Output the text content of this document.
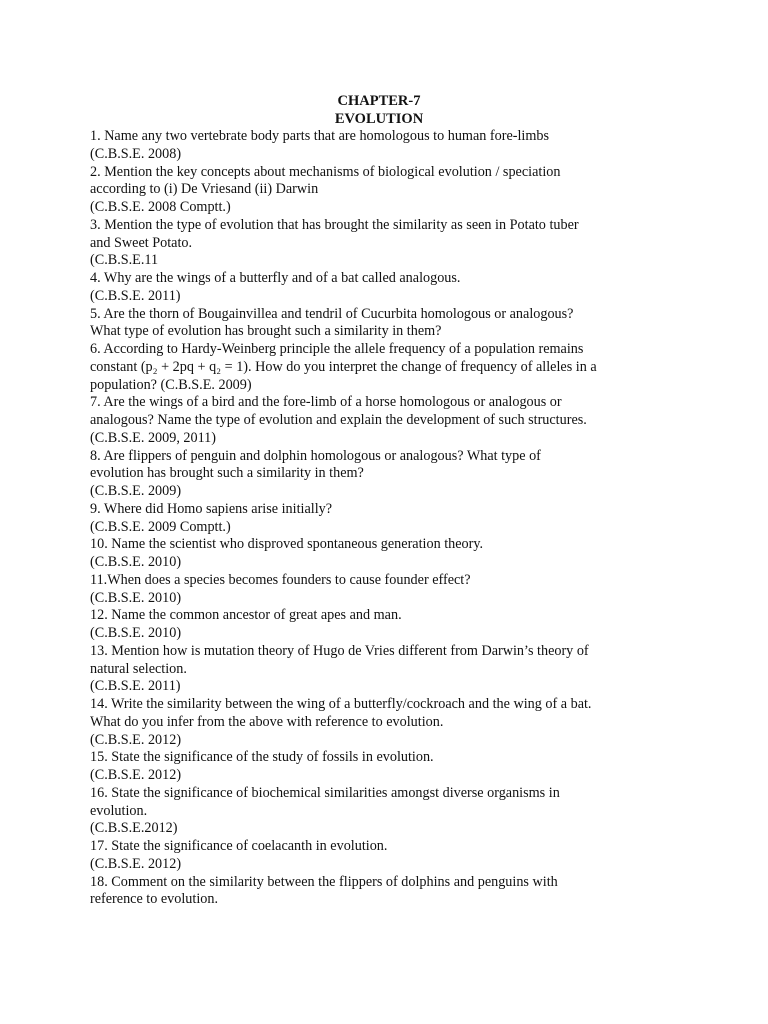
CHAPTER-7

EVOLUTION

1. Name any two vertebrate body parts that are homologous to human fore-limbs
(C.B.S.E. 2008)
2. Mention the key concepts about mechanisms of biological evolution / speciation
according to (i) De Vriesand (ii) Darwin
(C.B.S.E. 2008 Comptt.)
3. Mention the type of evolution that has brought the similarity as seen in Potato tuber
and Sweet Potato.
(C.B.S.E.11
4. Why are the wings of a butterfly and of a bat called analogous.
(C.B.S.E. 2011)
5. Are the thorn of Bougainvillea and tendril of Cucurbita homologous or analogous?
What type of evolution has brought such a similarity in them?
6. According to Hardy-Weinberg principle the allele frequency of a population remains
constant (p₂ + 2pq + q₂ = 1). How do you interpret the change of frequency of alleles in a
population? (C.B.S.E. 2009)
7. Are the wings of a bird and the fore-limb of a horse homologous or analogous or
analogous? Name the type of evolution and explain the development of such structures.
(C.B.S.E. 2009, 2011)
8. Are flippers of penguin and dolphin homologous or analogous? What type of
evolution has brought such a similarity in them?
(C.B.S.E. 2009)
9. Where did Homo sapiens arise initially?
(C.B.S.E. 2009 Comptt.)
10. Name the scientist who disproved spontaneous generation theory.
(C.B.S.E. 2010)
11.When does a species becomes founders to cause founder effect?
(C.B.S.E. 2010)
12. Name the common ancestor of great apes and man.
(C.B.S.E. 2010)
13. Mention how is mutation theory of Hugo de Vries different from Darwin’s theory of
natural selection.
(C.B.S.E. 2011)
14. Write the similarity between the wing of a butterfly/cockroach and the wing of a bat.
What do you infer from the above with reference to evolution.
(C.B.S.E. 2012)
15. State the significance of the study of fossils in evolution.
(C.B.S.E. 2012)
16. State the significance of biochemical similarities amongst diverse organisms in
evolution.
(C.B.S.E.2012)
17. State the significance of coelacanth in evolution.
(C.B.S.E. 2012)
18. Comment on the similarity between the flippers of dolphins and penguins with
reference to evolution.
